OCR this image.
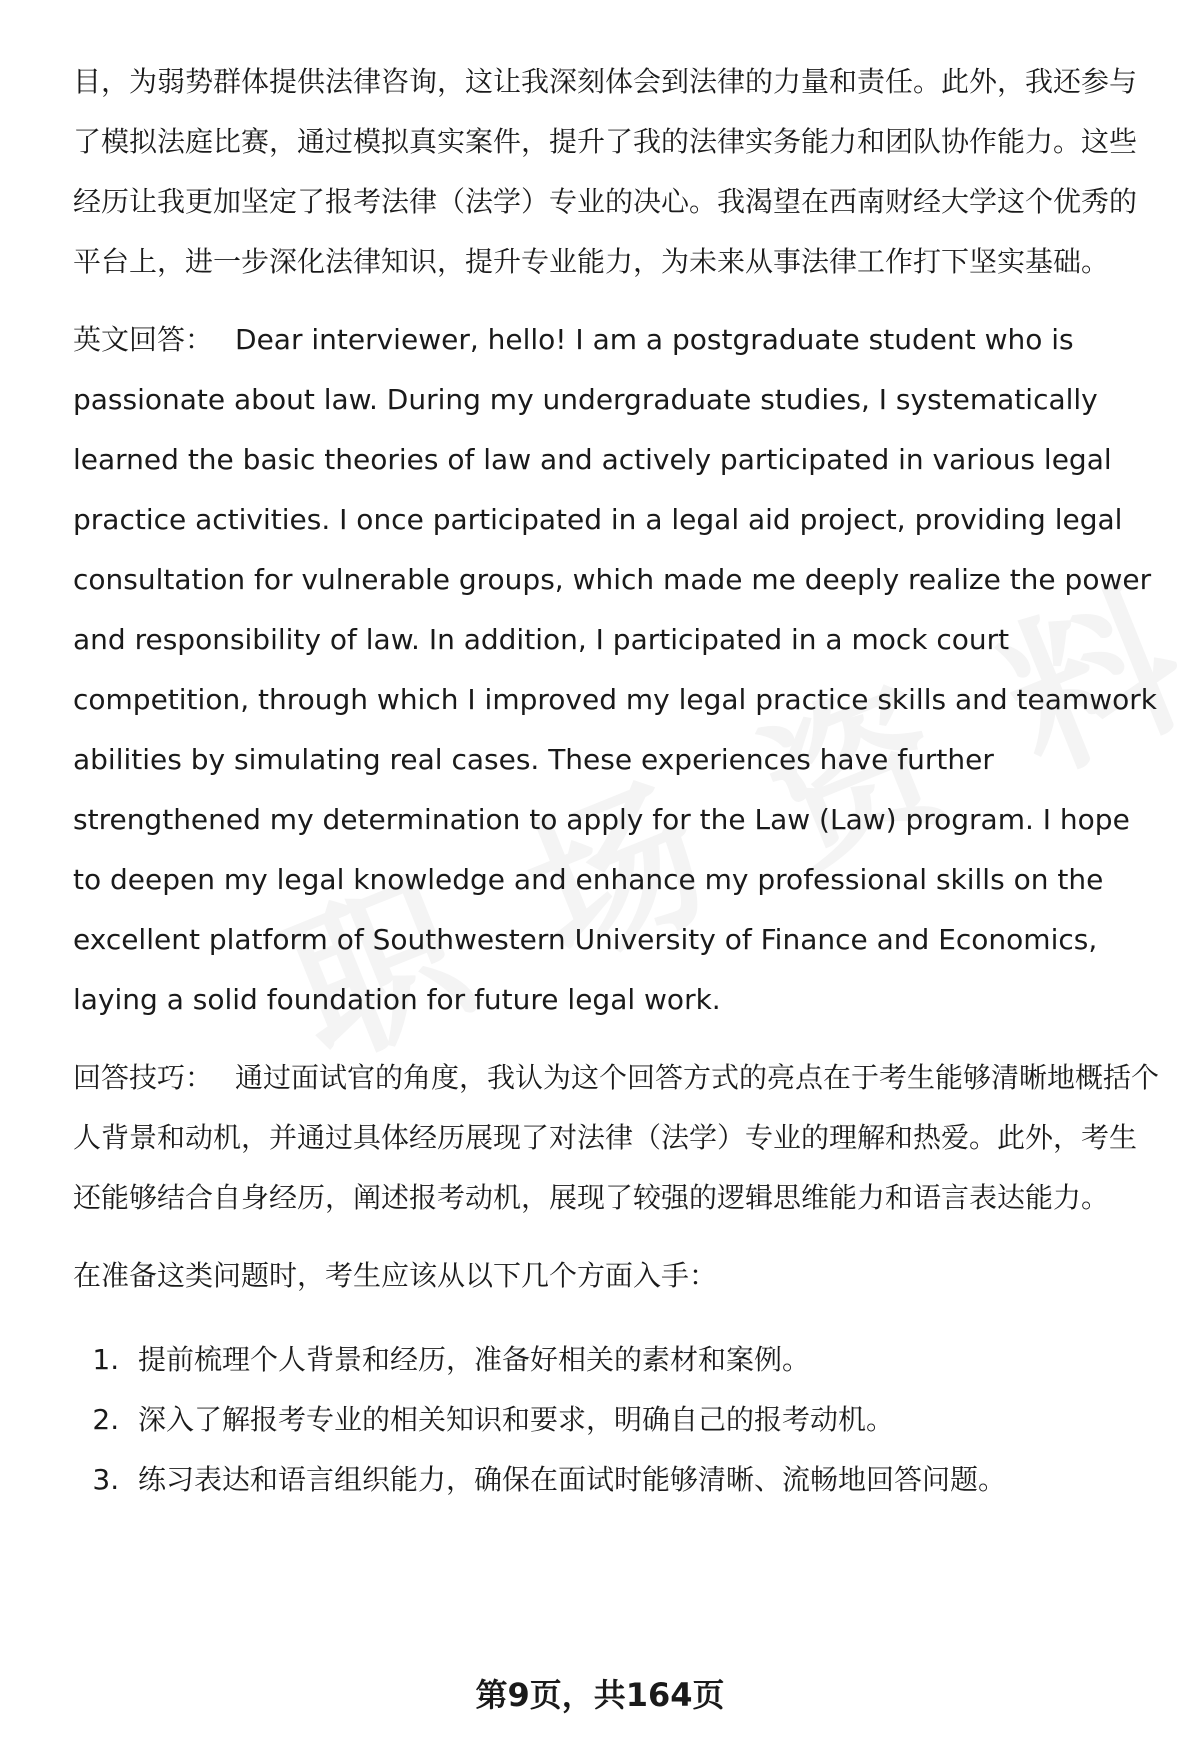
目，为弱势群体提供法律咨询，这让我深刻体会到法律的力量和责任。此外，我还参与了模拟法庭比赛，通过模拟真实案件，提升了我的法律实务能力和团队协作能力。这些经历让我更加坚定了报考法律（法学）专业的决心。我渴望在西南财经大学这个优秀的平台上，进一步深化法律知识，提升专业能力，为未来从事法律工作打下坚实基础。

英文回答： Dear interviewer, hello! I am a postgraduate student who is passionate about law. During my undergraduate studies, I systematically learned the basic theories of law and actively participated in various legal practice activities. I once participated in a legal aid project, providing legal consultation for vulnerable groups, which made me deeply realize the power and responsibility of law. In addition, I participated in a mock court competition, through which I improved my legal practice skills and teamwork abilities by simulating real cases. These experiences have further strengthened my determination to apply for the Law (Law) program. I hope to deepen my legal knowledge and enhance my professional skills on the excellent platform of Southwestern University of Finance and Economics, laying a solid foundation for future legal work.

回答技巧： 通过面试官的角度，我认为这个回答方式的亮点在于考生能够清晰地概括个人背景和动机，并通过具体经历展现了对法律（法学）专业的理解和热爱。此外，考生还能够结合自身经历，阐述报考动机，展现了较强的逻辑思维能力和语言表达能力。

在准备这类问题时，考生应该从以下几个方面入手：

1. 提前梳理个人背景和经历，准备好相关的素材和案例。
2. 深入了解报考专业的相关知识和要求，明确自己的报考动机。
3. 练习表达和语言组织能力，确保在面试时能够清晰、流畅地回答问题。
第9页，共164页
